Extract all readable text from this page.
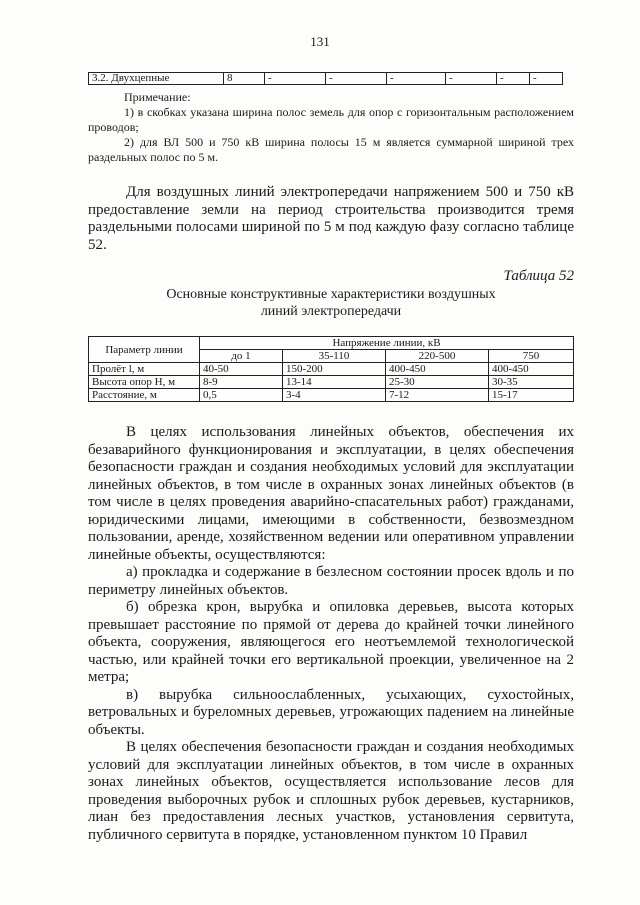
131
3.2. Двухцепные	8	-	-	-	-	-	-

Примечание:

1) в скобках указана ширина полос земель для опор с горизонтальным расположением проводов;

2) для ВЛ 500 и 750 кВ ширина полосы 15 м является суммарной шириной трех раздельных полос по 5 м.

Для воздушных линий электропередачи напряжением 500 и 750 кВ предоставление земли на период строительства производится тремя раздельными полосами шириной по 5 м под каждую фазу согласно таблице 52.

Таблица 52
Основные конструктивные характеристики воздушных
линий электропередачи
Параметр линии	Напряжение линии, кВ			
	до 1	35-110	220-500	750
Пролёт l, м	40-50	150-200	400-450	400-450
Высота опор Н, м	8-9	13-14	25-30	30-35
Расстояние, м	0,5	3-4	7-12	15-17

В целях использования линейных объектов, обеспечения их безаварийного функционирования и эксплуатации, в целях обеспечения безопасности граждан и создания необходимых условий для эксплуатации линейных объектов, в том числе в охранных зонах линейных объектов (в том числе в целях проведения аварийно-спасательных работ) гражданами, юридическими лицами, имеющими в собственности, безвозмездном пользовании, аренде, хозяйственном ведении или оперативном управлении линейные объекты, осуществляются:

а) прокладка и содержание в безлесном состоянии просек вдоль и по периметру линейных объектов.

б) обрезка крон, вырубка и опиловка деревьев, высота которых превышает расстояние по прямой от дерева до крайней точки линейного объекта, сооружения, являющегося его неотъемлемой технологической частью, или крайней точки его вертикальной проекции, увеличенное на 2 метра;

в) вырубка сильноослабленных, усыхающих, сухостойных, ветровальных и буреломных деревьев, угрожающих падением на линейные объекты.

В целях обеспечения безопасности граждан и создания необходимых условий для эксплуатации линейных объектов, в том числе в охранных зонах линейных объектов, осуществляется использование лесов для проведения выборочных рубок и сплошных рубок деревьев, кустарников, лиан без предоставления лесных участков, установления сервитута, публичного сервитута в порядке, установленном пунктом 10 Правил
